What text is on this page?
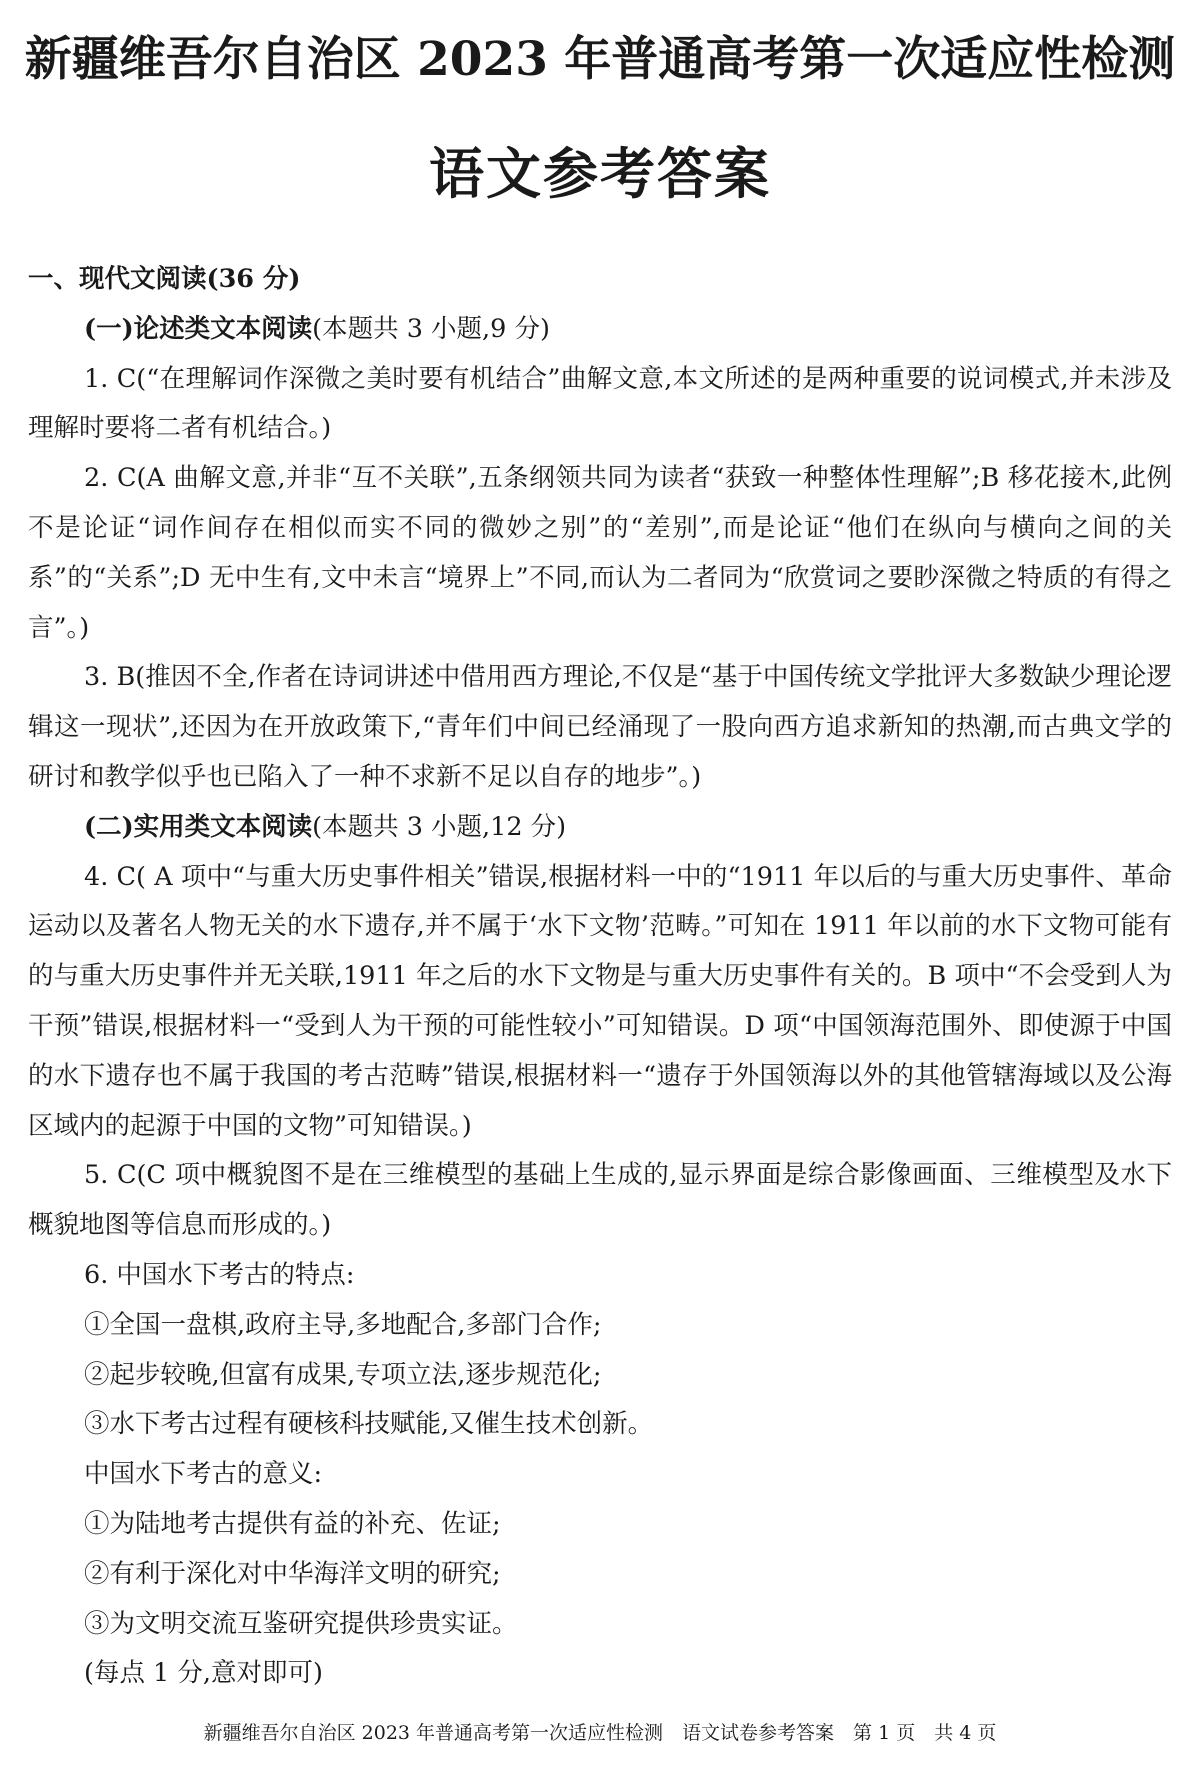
新疆维吾尔自治区 2023 年普通高考第一次适应性检测
语文参考答案

一、现代文阅读(36 分)

(一)论述类文本阅读(本题共 3 小题,9 分)

1. C(“在理解词作深微之美时要有机结合”曲解文意,本文所述的是两种重要的说词模式,并未涉及理解时要将二者有机结合。)

2. C(A 曲解文意,并非“互不关联”,五条纲领共同为读者“获致一种整体性理解”;B 移花接木,此例不是论证“词作间存在相似而实不同的微妙之别”的“差别”,而是论证“他们在纵向与横向之间的关系”的“关系”;D 无中生有,文中未言“境界上”不同,而认为二者同为“欣赏词之要眇深微之特质的有得之言”。)

3. B(推因不全,作者在诗词讲述中借用西方理论,不仅是“基于中国传统文学批评大多数缺少理论逻辑这一现状”,还因为在开放政策下,“青年们中间已经涌现了一股向西方追求新知的热潮,而古典文学的研讨和教学似乎也已陷入了一种不求新不足以自存的地步”。)

(二)实用类文本阅读(本题共 3 小题,12 分)

4. C( A 项中“与重大历史事件相关”错误,根据材料一中的“1911 年以后的与重大历史事件、革命运动以及著名人物无关的水下遗存,并不属于‘水下文物’范畴。”可知在 1911 年以前的水下文物可能有的与重大历史事件并无关联,1911 年之后的水下文物是与重大历史事件有关的。B 项中“不会受到人为干预”错误,根据材料一“受到人为干预的可能性较小”可知错误。D 项“中国领海范围外、即使源于中国的水下遗存也不属于我国的考古范畴”错误,根据材料一“遗存于外国领海以外的其他管辖海域以及公海区域内的起源于中国的文物”可知错误。)

5. C(C 项中概貌图不是在三维模型的基础上生成的,显示界面是综合影像画面、三维模型及水下概貌地图等信息而形成的。)

6. 中国水下考古的特点:

①全国一盘棋,政府主导,多地配合,多部门合作;

②起步较晚,但富有成果,专项立法,逐步规范化;

③水下考古过程有硬核科技赋能,又催生技术创新。

中国水下考古的意义:

①为陆地考古提供有益的补充、佐证;

②有利于深化对中华海洋文明的研究;

③为文明交流互鉴研究提供珍贵实证。

(每点 1 分,意对即可)

新疆维吾尔自治区 2023 年普通高考第一次适应性检测　语文试卷参考答案　第 1 页　共 4 页
